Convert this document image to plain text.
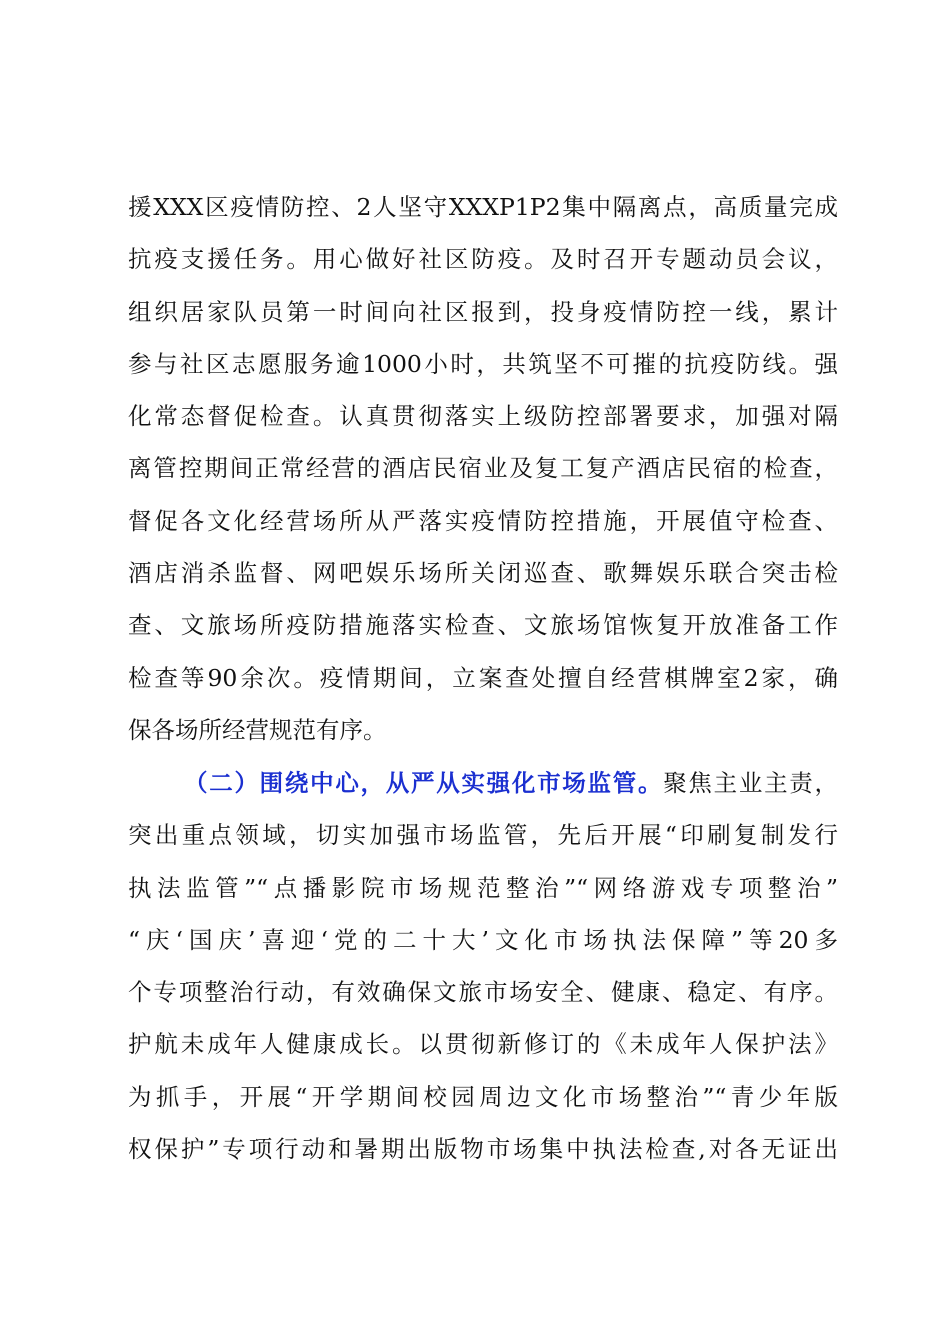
援XXX区疫情防控、2人坚守XXXP1P2集中隔离点，高质量完成
抗疫支援任务。用心做好社区防疫。及时召开专题动员会议，
组织居家队员第一时间向社区报到，投身疫情防控一线，累计
参与社区志愿服务逾1000小时，共筑坚不可摧的抗疫防线。强
化常态督促检查。认真贯彻落实上级防控部署要求，加强对隔
离管控期间正常经营的酒店民宿业及复工复产酒店民宿的检查，
督促各文化经营场所从严落实疫情防控措施，开展值守检查、
酒店消杀监督、网吧娱乐场所关闭巡查、歌舞娱乐联合突击检
查、文旅场所疫防措施落实检查、文旅场馆恢复开放准备工作
检查等90余次。疫情期间，立案查处擅自经营棋牌室2家，确
保各场所经营规范有序。
（二）围绕中心，从严从实强化市场监管。聚焦主业主责，
突出重点领域，切实加强市场监管，先后开展“印刷复制发行
执法监管”“点播影院市场规范整治”“网络游戏专项整治”
“庆‘国庆’喜迎‘党的二十大’文化市场执法保障”等20多
个专项整治行动，有效确保文旅市场安全、健康、稳定、有序。
护航未成年人健康成长。以贯彻新修订的《未成年人保护法》
为抓手，开展“开学期间校园周边文化市场整治”“青少年版
权保护”专项行动和暑期出版物市场集中执法检查,对各无证出
